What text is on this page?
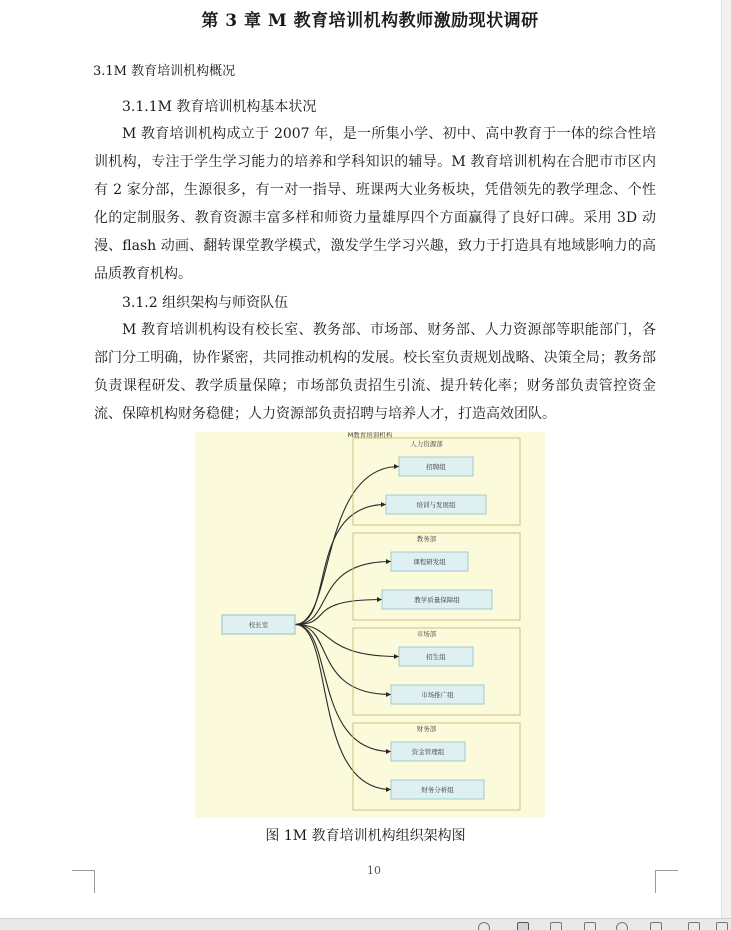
第 3 章 M 教育培训机构教师激励现状调研
3.1M 教育培训机构概况
3.1.1M 教育培训机构基本状况

M 教育培训机构成立于 2007 年，是一所集小学、初中、高中教育于一体的综合性培训机构，专注于学生学习能力的培养和学科知识的辅导。M 教育培训机构在合肥市市区内有 2 家分部，生源很多，有一对一指导、班课两大业务板块，凭借领先的教学理念、个性化的定制服务、教育资源丰富多样和师资力量雄厚四个方面赢得了良好口碑。采用 3D 动漫、flash 动画、翻转课堂教学模式，激发学生学习兴趣，致力于打造具有地域影响力的高品质教育机构。

3.1.2 组织架构与师资队伍

M 教育培训机构设有校长室、教务部、市场部、财务部、人力资源部等职能部门，各部门分工明确，协作紧密，共同推动机构的发展。校长室负责规划战略、决策全局；教务部负责课程研发、教学质量保障；市场部负责招生引流、提升转化率；财务部负责管控资金流、保障机构财务稳健；人力资源部负责招聘与培养人才，打造高效团队。

M教育培训机构
人力资源部
招聘组
培训与发展组
教务部
课程研发组
教学质量保障组
市场部
招生组
市场推广组
财务部
资金管理组
财务分析组
校长室
图 1M 教育培训机构组织架构图
10
